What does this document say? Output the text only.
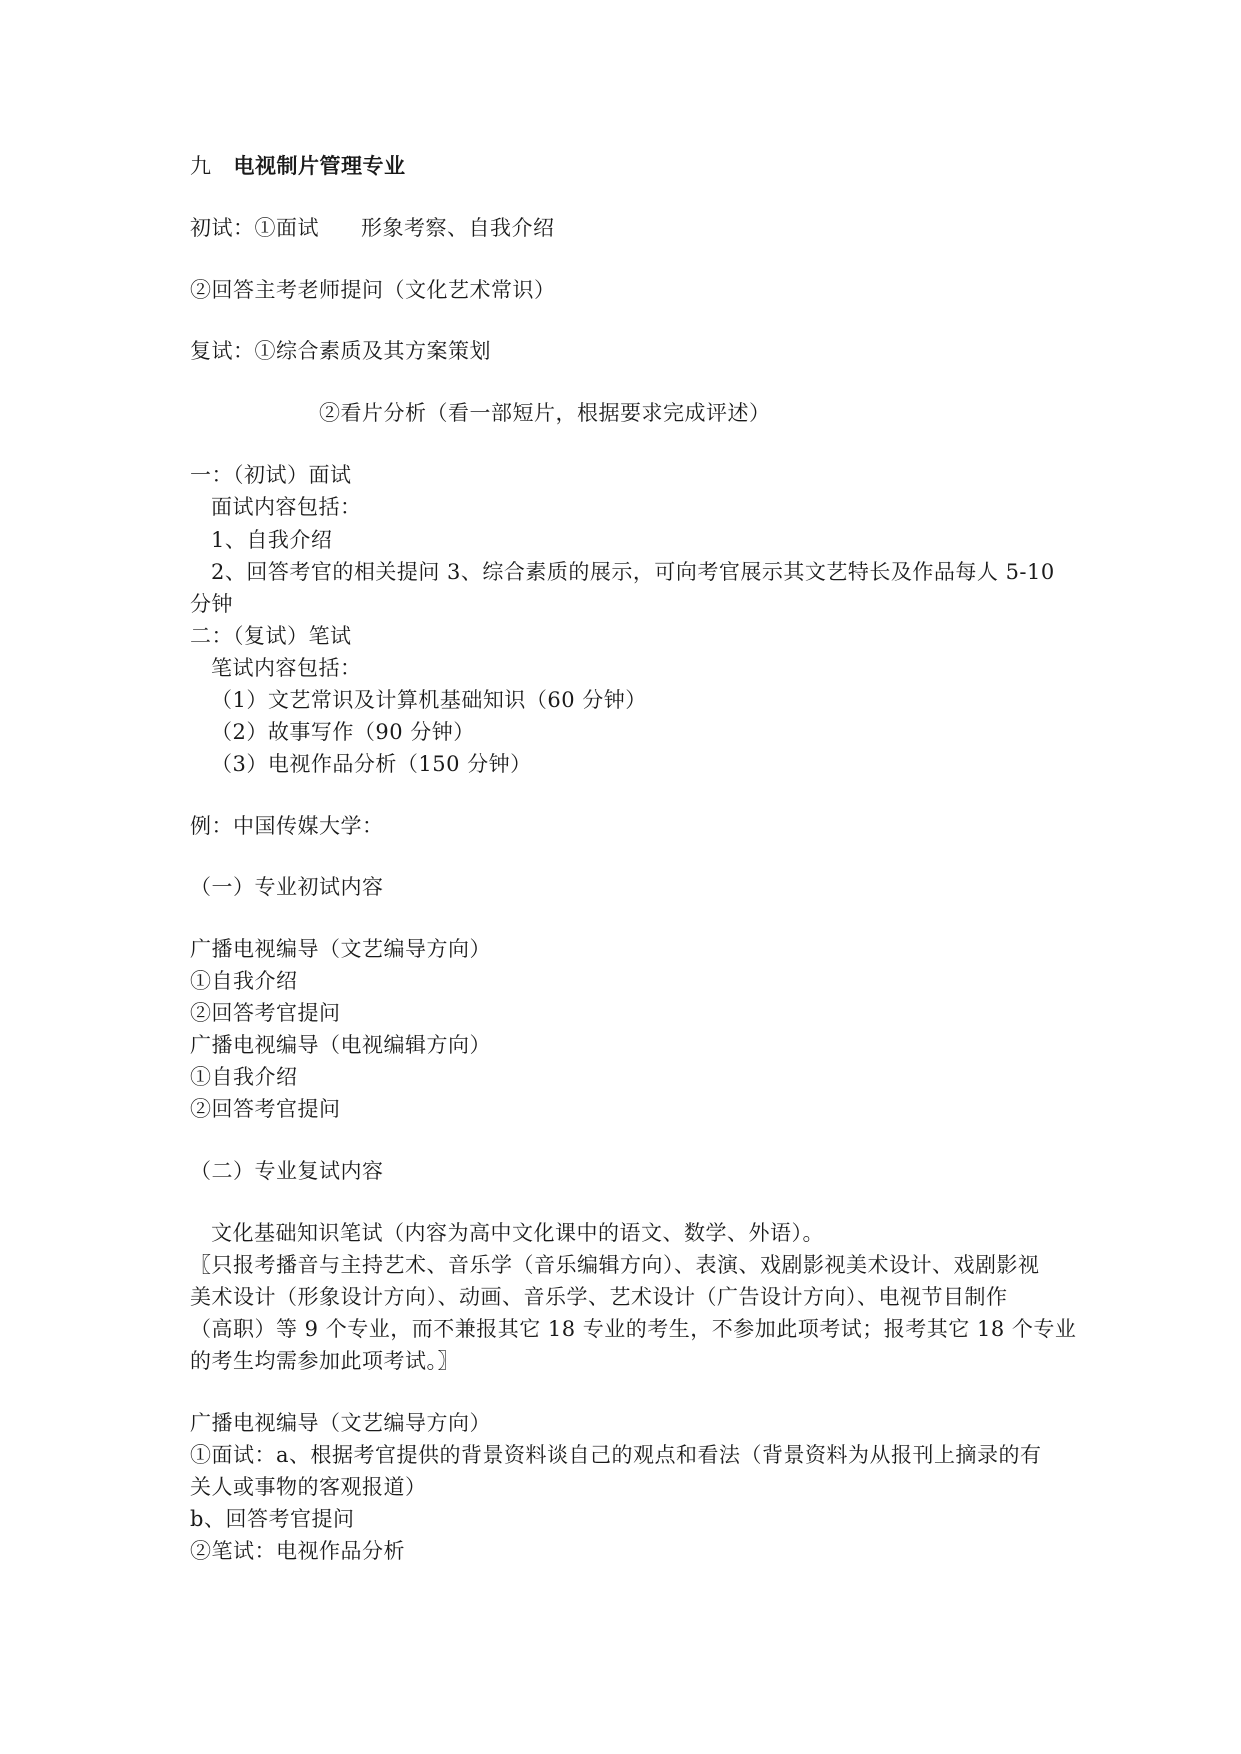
九 电视制片管理专业
初试：①面试 形象考察、自我介绍
②回答主考老师提问（文化艺术常识）
复试：①综合素质及其方案策划
②看片分析（看一部短片，根据要求完成评述）
一：（初试）面试
面试内容包括：
1、自我介绍
2、回答考官的相关提问 3、综合素质的展示，可向考官展示其文艺特长及作品每人 5-10
分钟
二：（复试）笔试
笔试内容包括：
（1）文艺常识及计算机基础知识（60 分钟）
（2）故事写作（90 分钟）
（3）电视作品分析（150 分钟）
例：中国传媒大学：
（一）专业初试内容
广播电视编导（文艺编导方向）
①自我介绍
②回答考官提问
广播电视编导（电视编辑方向）
①自我介绍
②回答考官提问
（二）专业复试内容
文化基础知识笔试（内容为高中文化课中的语文、数学、外语）。
〖只报考播音与主持艺术、音乐学（音乐编辑方向）、表演、戏剧影视美术设计、戏剧影视
美术设计（形象设计方向）、动画、音乐学、艺术设计（广告设计方向）、电视节目制作
（高职）等 9 个专业，而不兼报其它 18 专业的考生，不参加此项考试；报考其它 18 个专业
的考生均需参加此项考试。〗
广播电视编导（文艺编导方向）
①面试：a、根据考官提供的背景资料谈自己的观点和看法（背景资料为从报刊上摘录的有
关人或事物的客观报道）
b、回答考官提问
②笔试：电视作品分析
